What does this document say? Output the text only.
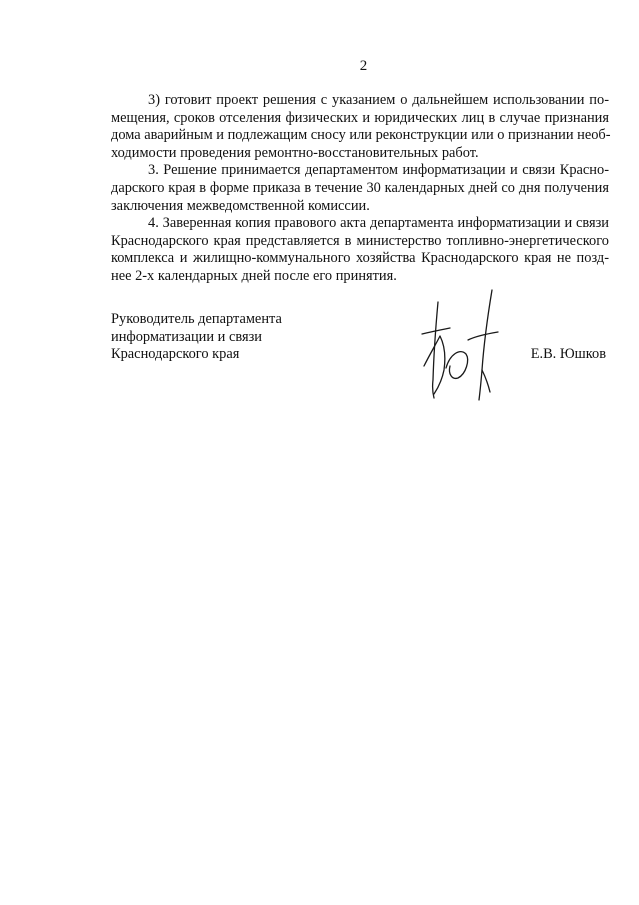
2

3) готовит проект решения с указанием о дальнейшем использовании по-
мещения, сроков отселения физических и юридических лиц в случае признания
дома аварийным и подлежащим сносу или реконструкции или о признании необ-
ходимости проведения ремонтно-восстановительных работ.

3. Решение принимается департаментом информатизации и связи Красно-
дарского края в форме приказа в течение 30 календарных дней со дня получения
заключения межведомственной комиссии.

4. Заверенная копия правового акта департамента информатизации и связи
Краснодарского края представляется в министерство топливно-энергетического
комплекса и жилищно-коммунального хозяйства Краснодарского края не позд-
нее 2-х календарных дней после его принятия.

Руководитель департамента
информатизации и связи
Краснодарского края	Е.В. Юшков
